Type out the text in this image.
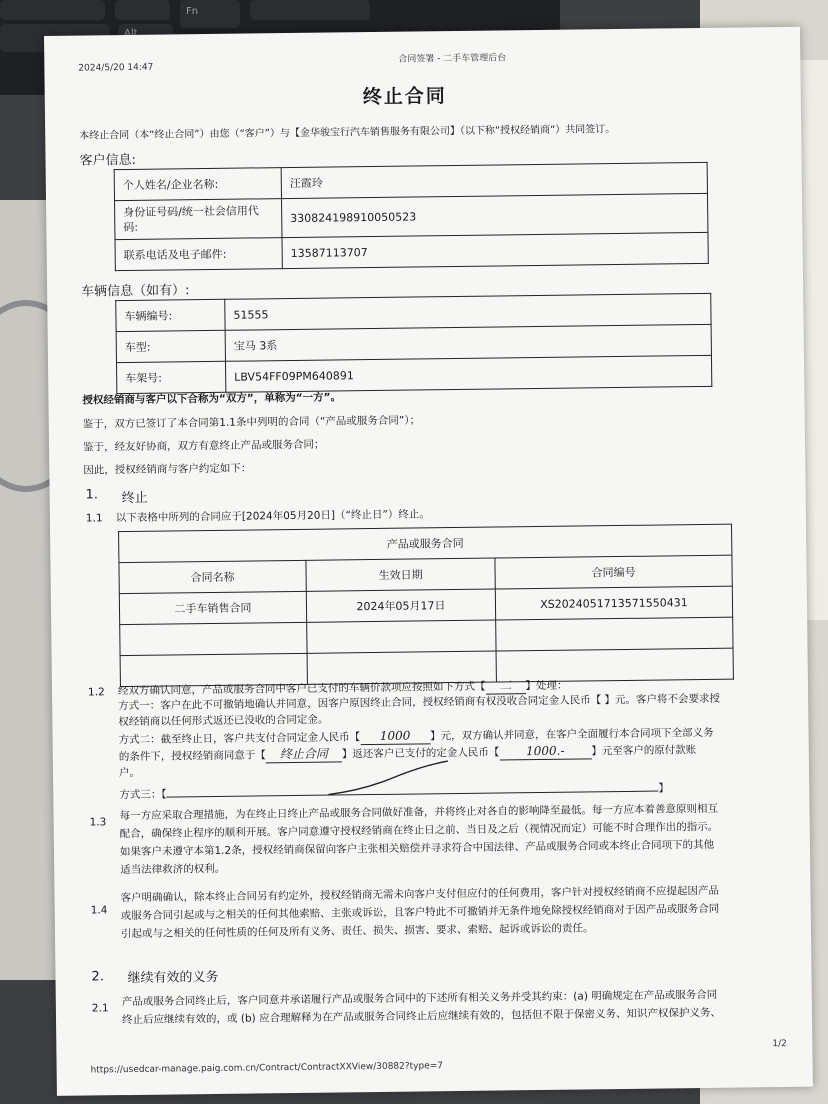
Alt
Fn
2024/5/20 14:47
合同签署 - 二手车管理后台
终止合同
本终止合同（本“终止合同”）由您（“客户”）与【金华骏宝行汽车销售服务有限公司】（以下称“授权经销商”）共同签订。
客户信息:
个人姓名/企业名称:	汪霞玲
身份证号码/统一社会信用代码:	330824198910050523
联系电话及电子邮件:	13587113707
车辆信息（如有）:
车辆编号:	51555
车型:	宝马 3系
车架号:	LBV54FF09PM640891
授权经销商与客户以下合称为“双方”，单称为“一方”。
鉴于，双方已签订了本合同第1.1条中列明的合同（“产品或服务合同”）；
鉴于，经友好协商，双方有意终止产品或服务合同；
因此，授权经销商与客户约定如下：
1. 终止
1.1 以下表格中所列的合同应于[2024年05月20日]（“终止日”）终止。
产品或服务合同		
合同名称	生效日期	合同编号
二手车销售合同	2024年05月17日	XS2024051713571550431

1.2 经双方确认同意，产品或服务合同中客户已支付的车辆价款项应按照如下方式【 二 】处理：
方式一：客户在此不可撤销地确认并同意，因客户原因终止合同，授权经销商有权没收合同定金人民币【 】元。客户将不会要求授
权经销商以任何形式返还已没收的合同定金。
方式二：截至终止日，客户共支付合同定金人民币【 1000 】元，双方确认并同意，在客户全面履行本合同项下全部义务
的条件下，授权经销商同意于【 终止合同 】返还客户已支付的定金人民币【 1000.-	】元至客户的原付款账
户。
方式三：【】
1.3
每一方应采取合理措施，为在终止日终止产品或服务合同做好准备，并将终止对各自的影响降至最低。每一方应本着善意原则相互
配合，确保终止程序的顺利开展。客户同意遵守授权经销商在终止日之前、当日及之后（视情况而定）可能不时合理作出的指示。
如果客户未遵守本第1.2条，授权经销商保留向客户主张相关赔偿并寻求符合中国法律、产品或服务合同或本终止合同项下的其他
适当法律救济的权利。
1.4
客户明确确认，除本终止合同另有约定外，授权经销商无需未向客户支付但应付的任何费用，客户针对授权经销商不应提起因产品
或服务合同引起或与之相关的任何其他索赔、主张或诉讼，且客户特此不可撤销并无条件地免除授权经销商对于因产品或服务合同
引起或与之相关的任何性质的任何及所有义务、责任、损失、损害、要求、索赔、起诉或诉讼的责任。
2. 继续有效的义务
2.1
产品或服务合同终止后，客户同意并承诺履行产品或服务合同中的下述所有相关义务并受其约束：(a) 明确规定在产品或服务合同
终止后应继续有效的，或 (b) 应合理解释为在产品或服务合同终止后应继续有效的，包括但不限于保密义务、知识产权保护义务、
https://usedcar-manage.paig.com.cn/Contract/ContractXXView/30882?type=7
1/2
